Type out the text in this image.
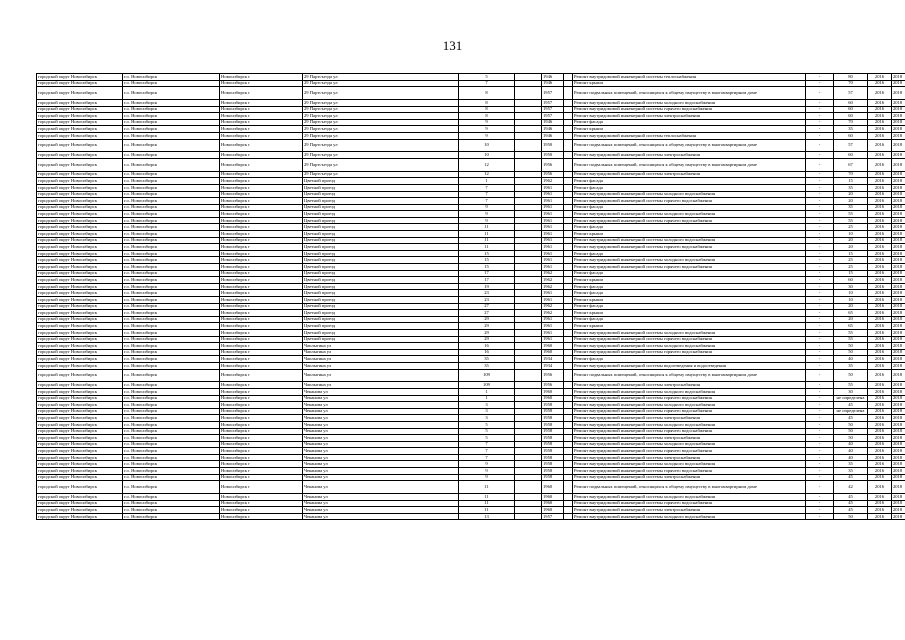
131
городской округ Новосибирск	г.о. Новосибирск	Новосибирск г	29 Партсъезда ул	5		1946		Ремонт внутридомовой инженерной системы теплоснабжения	-	80	2016	2018
городской округ Новосибирск	г.о. Новосибирск	Новосибирск г	29 Партсъезда ул	7		1946		Ремонт крыши	-	70	2016	2018
городской округ Новосибирск	г.о. Новосибирск	Новосибирск г	29 Партсъезда ул	8		1957		Ремонт подвальных помещений, относящихся к общему имуществу в многоквартирном доме	-	57	2016	2018
городской округ Новосибирск	г.о. Новосибирск	Новосибирск г	29 Партсъезда ул	8		1957		Ремонт внутридомовой инженерной системы холодного водоснабжения	-	60	2016	2018
городской округ Новосибирск	г.о. Новосибирск	Новосибирск г	29 Партсъезда ул	8		1957		Ремонт внутридомовой инженерной системы горячего водоснабжения	-	60	2016	2018
городской округ Новосибирск	г.о. Новосибирск	Новосибирск г	29 Партсъезда ул	8		1957		Ремонт внутридомовой инженерной системы электроснабжения	-	60	2016	2018
городской округ Новосибирск	г.о. Новосибирск	Новосибирск г	29 Партсъезда ул	9		1946		Ремонт фасада	-	70	2016	2018
городской округ Новосибирск	г.о. Новосибирск	Новосибирск г	29 Партсъезда ул	9		1946		Ремонт крыши	-	35	2016	2018
городской округ Новосибирск	г.о. Новосибирск	Новосибирск г	29 Партсъезда ул	9		1946		Ремонт внутридомовой инженерной системы теплоснабжения	-	60	2016	2018
городской округ Новосибирск	г.о. Новосибирск	Новосибирск г	29 Партсъезда ул	10		1950		Ремонт подвальных помещений, относящихся к общему имуществу в многоквартирном доме	-	57	2016	2018
городской округ Новосибирск	г.о. Новосибирск	Новосибирск г	29 Партсъезда ул	10		1950		Ремонт внутридомовой инженерной системы электроснабжения	-	60	2016	2018
городской округ Новосибирск	г.о. Новосибирск	Новосибирск г	29 Партсъезда ул	12		1956		Ремонт подвальных помещений, относящихся к общему имуществу в многоквартирном доме	-	67	2016	2018
городской округ Новосибирск	г.о. Новосибирск	Новосибирск г	29 Партсъезда ул	12		1956		Ремонт внутридомовой инженерной системы электроснабжения	-	70	2016	2018
городской округ Новосибирск	г.о. Новосибирск	Новосибирск г	Цветной проезд	1		1962		Ремонт фасада	-	15	2016	2018
городской округ Новосибирск	г.о. Новосибирск	Новосибирск г	Цветной проезд	7		1961		Ремонт фасада	-	35	2016	2018
городской округ Новосибирск	г.о. Новосибирск	Новосибирск г	Цветной проезд	7		1961		Ремонт внутридомовой инженерной системы холодного водоснабжения	-	20	2016	2018
городской округ Новосибирск	г.о. Новосибирск	Новосибирск г	Цветной проезд	7		1961		Ремонт внутридомовой инженерной системы горячего водоснабжения	-	20	2016	2018
городской округ Новосибирск	г.о. Новосибирск	Новосибирск г	Цветной проезд	9		1961		Ремонт фасада	-	35	2016	2018
городской округ Новосибирск	г.о. Новосибирск	Новосибирск г	Цветной проезд	9		1961		Ремонт внутридомовой инженерной системы холодного водоснабжения	-	55	2016	2018
городской округ Новосибирск	г.о. Новосибирск	Новосибирск г	Цветной проезд	9		1961		Ремонт внутридомовой инженерной системы горячего водоснабжения	-	55	2016	2018
городской округ Новосибирск	г.о. Новосибирск	Новосибирск г	Цветной проезд	11		1961		Ремонт фасада	-	25	2016	2018
городской округ Новосибирск	г.о. Новосибирск	Новосибирск г	Цветной проезд	11		1961		Ремонт крыши	-	10	2016	2018
городской округ Новосибирск	г.о. Новосибирск	Новосибирск г	Цветной проезд	11		1961		Ремонт внутридомовой инженерной системы холодного водоснабжения	-	20	2016	2018
городской округ Новосибирск	г.о. Новосибирск	Новосибирск г	Цветной проезд	11		1961		Ремонт внутридомовой инженерной системы горячего водоснабжения	-	20	2016	2018
городской округ Новосибирск	г.о. Новосибирск	Новосибирск г	Цветной проезд	15		1961		Ремонт фасада	-	15	2016	2018
городской округ Новосибирск	г.о. Новосибирск	Новосибирск г	Цветной проезд	15		1961		Ремонт внутридомовой инженерной системы холодного водоснабжения	-	25	2016	2018
городской округ Новосибирск	г.о. Новосибирск	Новосибирск г	Цветной проезд	15		1961		Ремонт внутридомовой инженерной системы горячего водоснабжения	-	25	2016	2018
городской округ Новосибирск	г.о. Новосибирск	Новосибирск г	Цветной проезд	17		1962		Ремонт фасада	-	15	2016	2018
городской округ Новосибирск	г.о. Новосибирск	Новосибирск г	Цветной проезд	17		1962		Ремонт крыши	-	60	2016	2018
городской округ Новосибирск	г.о. Новосибирск	Новосибирск г	Цветной проезд	19		1962		Ремонт фасада	-	30	2016	2018
городской округ Новосибирск	г.о. Новосибирск	Новосибирск г	Цветной проезд	23		1961		Ремонт фасада	-	10	2016	2018
городской округ Новосибирск	г.о. Новосибирск	Новосибирск г	Цветной проезд	23		1961		Ремонт крыши	-	10	2016	2018
городской округ Новосибирск	г.о. Новосибирск	Новосибирск г	Цветной проезд	27		1962		Ремонт фасада	-	20	2016	2018
городской округ Новосибирск	г.о. Новосибирск	Новосибирск г	Цветной проезд	27		1962		Ремонт крыши	-	65	2016	2018
городской округ Новосибирск	г.о. Новосибирск	Новосибирск г	Цветной проезд	29		1961		Ремонт фасада	-	20	2016	2018
городской округ Новосибирск	г.о. Новосибирск	Новосибирск г	Цветной проезд	29		1961		Ремонт крыши	-	65	2016	2018
городской округ Новосибирск	г.о. Новосибирск	Новосибирск г	Цветной проезд	29		1961		Ремонт внутридомовой инженерной системы холодного водоснабжения	-	55	2016	2018
городской округ Новосибирск	г.о. Новосибирск	Новосибирск г	Цветной проезд	29		1961		Ремонт внутридомовой инженерной системы горячего водоснабжения	-	55	2016	2018
городской округ Новосибирск	г.о. Новосибирск	Новосибирск г	Чаплыгина ул	16		1960		Ремонт внутридомовой инженерной системы холодного водоснабжения	-	50	2016	2018
городской округ Новосибирск	г.о. Новосибирск	Новосибирск г	Чаплыгина ул	16		1960		Ремонт внутридомовой инженерной системы горячего водоснабжения	-	50	2016	2018
городской округ Новосибирск	г.о. Новосибирск	Новосибирск г	Чаплыгина ул	35		1934		Ремонт фасада	-	40	2016	2018
городской округ Новосибирск	г.о. Новосибирск	Новосибирск г	Чаплыгина ул	35		1934		Ремонт внутридомовой инженерной системы водоотведения и водоотведения	-	35	2016	2018
городской округ Новосибирск	г.о. Новосибирск	Новосибирск г	Чаплыгина ул	109		1956		Ремонт подвальных помещений, относящихся к общему имуществу в многоквартирном доме	-	50	2016	2018
городской округ Новосибирск	г.о. Новосибирск	Новосибирск г	Чаплыгина ул	109		1956		Ремонт внутридомовой инженерной системы электроснабжения	-	55	2016	2018
городской округ Новосибирск	г.о. Новосибирск	Новосибирск г	Чеканова ул	1		1960		Ремонт внутридомовой инженерной системы холодного водоснабжения	-	30	2016	2018
городской округ Новосибирск	г.о. Новосибирск	Новосибирск г	Чеканова ул	1		1960		Ремонт внутридомовой инженерной системы горячего водоснабжения	-	не определена	2016	2018
городской округ Новосибирск	г.о. Новосибирск	Новосибирск г	Чеканова ул	3		1958		Ремонт внутридомовой инженерной системы холодного водоснабжения	-	45	2016	2018
городской округ Новосибирск	г.о. Новосибирск	Новосибирск г	Чеканова ул	3		1958		Ремонт внутридомовой инженерной системы горячего водоснабжения	-	не определена	2016	2018
городской округ Новосибирск	г.о. Новосибирск	Новосибирск г	Чеканова ул	3		1958		Ремонт внутридомовой инженерной системы электроснабжения	-	45	2016	2018
городской округ Новосибирск	г.о. Новосибирск	Новосибирск г	Чеканова ул	5		1958		Ремонт внутридомовой инженерной системы холодного водоснабжения	-	50	2016	2018
городской округ Новосибирск	г.о. Новосибирск	Новосибирск г	Чеканова ул	5		1958		Ремонт внутридомовой инженерной системы горячего водоснабжения	-	50	2016	2018
городской округ Новосибирск	г.о. Новосибирск	Новосибирск г	Чеканова ул	5		1958		Ремонт внутридомовой инженерной системы электроснабжения	-	50	2016	2018
городской округ Новосибирск	г.о. Новосибирск	Новосибирск г	Чеканова ул	7		1958		Ремонт внутридомовой инженерной системы холодного водоснабжения	-	40	2016	2018
городской округ Новосибирск	г.о. Новосибирск	Новосибирск г	Чеканова ул	7		1958		Ремонт внутридомовой инженерной системы горячего водоснабжения	-	40	2016	2018
городской округ Новосибирск	г.о. Новосибирск	Новосибирск г	Чеканова ул	7		1958		Ремонт внутридомовой инженерной системы электроснабжения	-	40	2016	2018
городской округ Новосибирск	г.о. Новосибирск	Новосибирск г	Чеканова ул	9		1958		Ремонт внутридомовой инженерной системы холодного водоснабжения	-	35	2016	2018
городской округ Новосибирск	г.о. Новосибирск	Новосибирск г	Чеканова ул	9		1958		Ремонт внутридомовой инженерной системы горячего водоснабжения	-	35	2016	2018
городской округ Новосибирск	г.о. Новосибирск	Новосибирск г	Чеканова ул	9		1958		Ремонт внутридомовой инженерной системы электроснабжения	-	45	2016	2018
городской округ Новосибирск	г.о. Новосибирск	Новосибирск г	Чеканова ул	11		1960		Ремонт подвальных помещений, относящихся к общему имуществу в многоквартирном доме	-	42	2016	2018
городской округ Новосибирск	г.о. Новосибирск	Новосибирск г	Чеканова ул	11		1960		Ремонт внутридомовой инженерной системы холодного водоснабжения	-	45	2016	2018
городской округ Новосибирск	г.о. Новосибирск	Новосибирск г	Чеканова ул	11		1960		Ремонт внутридомовой инженерной системы горячего водоснабжения	-	45	2016	2018
городской округ Новосибирск	г.о. Новосибирск	Новосибирск г	Чеканова ул	11		1960		Ремонт внутридомовой инженерной системы электроснабжения	-	45	2016	2018
городской округ Новосибирск	г.о. Новосибирск	Новосибирск г	Чеканова ул	13		1957		Ремонт внутридомовой инженерной системы холодного водоснабжения	-	50	2016	2018
